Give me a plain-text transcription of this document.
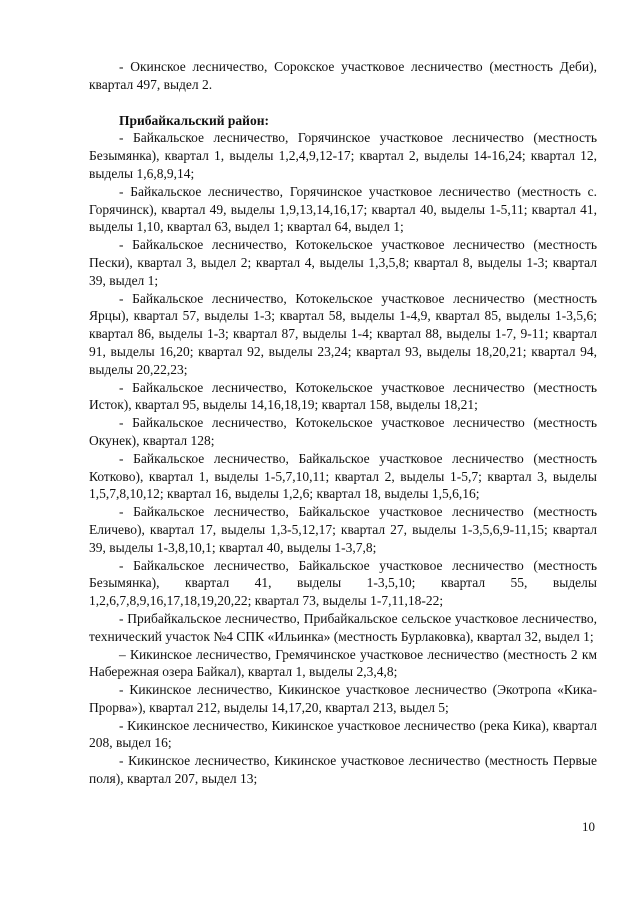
- Окинское лесничество, Сорокское участковое лесничество (местность Деби), квартал 497, выдел 2.

Прибайкальский район:

- Байкальское лесничество, Горячинское участковое лесничество (местность Безымянка), квартал 1, выделы 1,2,4,9,12-17; квартал 2, выделы 14-16,24; квартал 12, выделы 1,6,8,9,14;

- Байкальское лесничество, Горячинское участковое лесничество (местность с. Горячинск), квартал 49, выделы 1,9,13,14,16,17; квартал 40, выделы 1-5,11; квартал 41, выделы 1,10, квартал 63, выдел 1; квартал 64, выдел 1;

- Байкальское лесничество, Котокельское участковое лесничество (местность Пески), квартал 3, выдел 2; квартал 4, выделы 1,3,5,8; квартал 8, выделы 1-3; квартал 39, выдел 1;

- Байкальское лесничество, Котокельское участковое лесничество (местность Ярцы), квартал 57, выделы 1-3; квартал 58, выделы 1-4,9, квартал 85, выделы 1-3,5,6; квартал 86, выделы 1-3; квартал 87, выделы 1-4; квартал 88, выделы 1-7, 9-11; квартал 91, выделы 16,20; квартал 92, выделы 23,24; квартал 93, выделы 18,20,21; квартал 94, выделы 20,22,23;

- Байкальское лесничество, Котокельское участковое лесничество (местность Исток), квартал 95, выделы 14,16,18,19; квартал 158, выделы 18,21;

- Байкальское лесничество, Котокельское участковое лесничество (местность Окунек), квартал 128;

- Байкальское лесничество, Байкальское участковое лесничество (местность Котково), квартал 1, выделы 1-5,7,10,11; квартал 2, выделы 1-5,7; квартал 3, выделы 1,5,7,8,10,12; квартал 16, выделы 1,2,6; квартал 18, выделы 1,5,6,16;

- Байкальское лесничество, Байкальское участковое лесничество (местность Еличево), квартал 17, выделы 1,3-5,12,17; квартал 27, выделы 1-3,5,6,9-11,15; квартал 39, выделы 1-3,8,10,1; квартал 40, выделы 1-3,7,8;

- Байкальское лесничество, Байкальское участковое лесничество (местность Безымянка), квартал 41, выделы 1-3,5,10; квартал 55, выделы 1,2,6,7,8,9,16,17,18,19,20,22; квартал 73, выделы 1-7,11,18-22;

- Прибайкальское лесничество, Прибайкальское сельское участковое лесничество, технический участок №4 СПК «Ильинка» (местность Бурлаковка), квартал 32, выдел 1;

– Кикинское лесничество, Гремячинское участковое лесничество (местность 2 км Набережная озера Байкал), квартал 1, выделы 2,3,4,8;

- Кикинское лесничество, Кикинское участковое лесничество (Экотропа «Кика-Прорва»), квартал 212, выделы 14,17,20, квартал 213, выдел 5;

- Кикинское лесничество, Кикинское участковое лесничество (река Кика), квартал 208, выдел 16;

- Кикинское лесничество, Кикинское участковое лесничество (местность Первые поля), квартал 207, выдел 13;

10
